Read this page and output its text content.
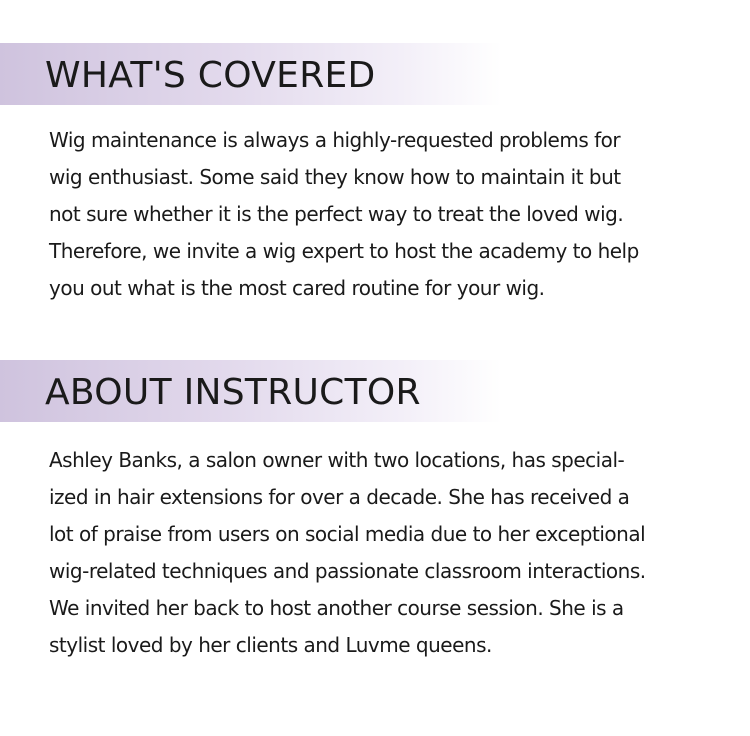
WHAT'S COVERED

Wig maintenance is always a highly-requested problems for
wig enthusiast. Some said they know how to maintain it but
not sure whether it is the perfect way to treat the loved wig.
Therefore, we invite a wig expert to host the academy to help
you out what is the most cared routine for your wig.

ABOUT INSTRUCTOR

Ashley Banks, a salon owner with two locations, has special-
ized in hair extensions for over a decade. She has received a
lot of praise from users on social media due to her exceptional
wig-related techniques and passionate classroom interactions.
We invited her back to host another course session. She is a
stylist loved by her clients and Luvme queens.
